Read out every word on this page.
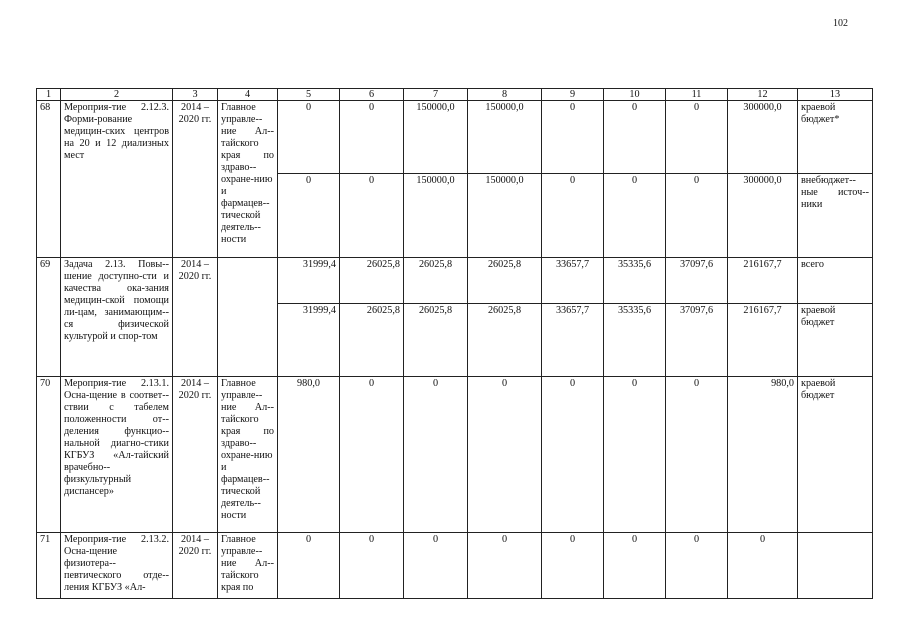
102
1	2	3	4	5	6	7	8	9	10	11	12	13
68	Мероприя-тие 2.12.3. Форми-рование медицин-ских центров на 20 и 12 диализных мест	2014 – 2020 гг.	Главное управле-ние Ал-тайского края по здраво-охране-нию и фармацев-тической деятель-ности	0	0	150000,0	150000,0	0	0	0	300000,0	краевой бюджет*
				0	0	150000,0	150000,0	0	0	0	300000,0	внебюджет-ные источ-ники
69	Задача 2.13. Повы-шение доступно-сти и качества ока-зания медицин-ской помощи ли-цам, занимающим-ся физической культурой и спор-том	2014 – 2020 гг.		31999,4	26025,8	26025,8	26025,8	33657,7	35335,6	37097,6	216167,7	всего
				31999,4	26025,8	26025,8	26025,8	33657,7	35335,6	37097,6	216167,7	краевой бюджет
70	Мероприя-тие 2.13.1. Осна-щение в соответ-ствии с табелем положенности от-деления функцио-нальной диагно-стики КГБУЗ «Ал-тайский врачебно-физкультурный диспансер»	2014 – 2020 гг.	Главное управле-ние Ал-тайского края по здраво-охране-нию и фармацев-тической деятель-ности	980,0	0	0	0	0	0	0	980,0	краевой бюджет
71	Мероприя-тие 2.13.2. Осна-щение физиотера-певтического отде-ления КГБУЗ «Ал-	2014 – 2020 гг.	Главное управле-ние Ал-тайского края по	0	0	0	0	0	0	0	0	
